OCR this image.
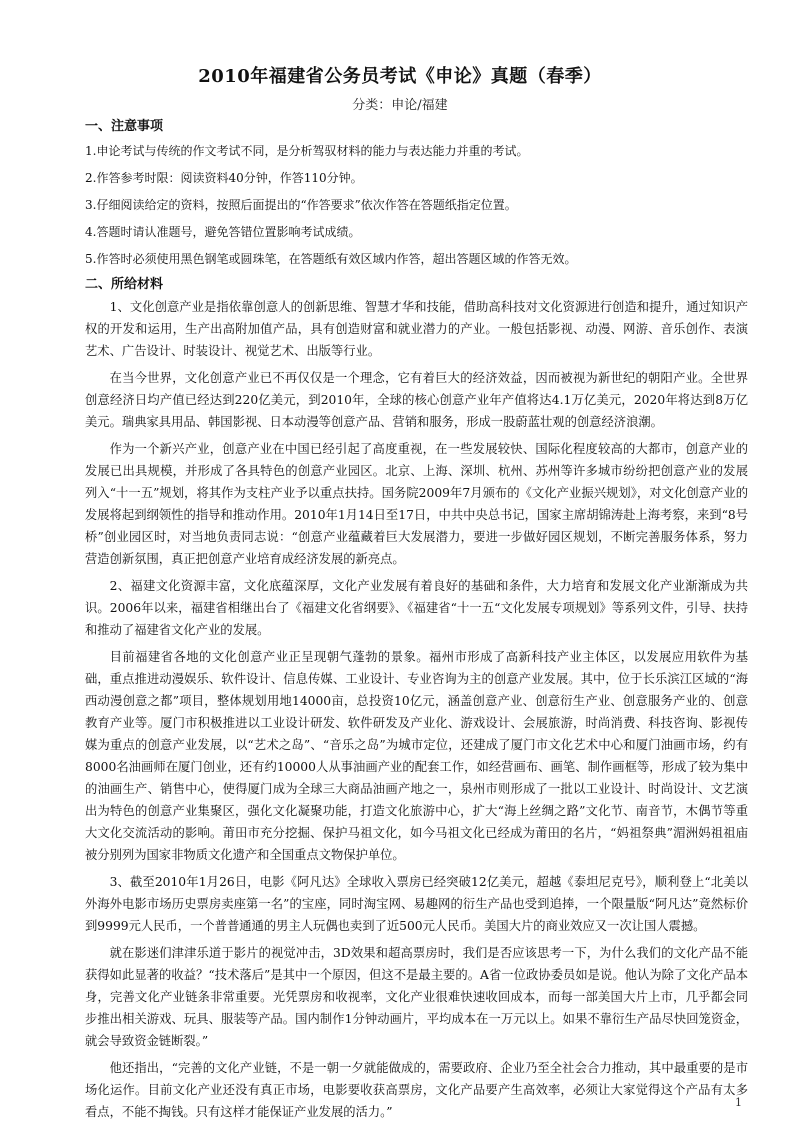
2010年福建省公务员考试《申论》真题（春季）
分类：申论/福建

一、注意事项

1.申论考试与传统的作文考试不同，是分析驾驭材料的能力与表达能力并重的考试。

2.作答参考时限：阅读资料40分钟，作答110分钟。

3.仔细阅读给定的资料，按照后面提出的“作答要求”依次作答在答题纸指定位置。

4.答题时请认准题号，避免答错位置影响考试成绩。

5.作答时必须使用黑色钢笔或圆珠笔，在答题纸有效区域内作答，超出答题区域的作答无效。

二、所给材料

1、文化创意产业是指依靠创意人的创新思维、智慧才华和技能，借助高科技对文化资源进行创造和提升，通过知识产权的开发和运用，生产出高附加值产品，具有创造财富和就业潜力的产业。一般包括影视、动漫、网游、音乐创作、表演艺术、广告设计、时装设计、视觉艺术、出版等行业。

在当今世界，文化创意产业已不再仅仅是一个理念，它有着巨大的经济效益，因而被视为新世纪的朝阳产业。全世界创意经济日均产值已经达到220亿美元，到2010年，全球的核心创意产业年产值将达4.1万亿美元，2020年将达到8万亿美元。瑞典家具用品、韩国影视、日本动漫等创意产品、营销和服务，形成一股蔚蓝壮观的创意经济浪潮。

作为一个新兴产业，创意产业在中国已经引起了高度重视，在一些发展较快、国际化程度较高的大都市，创意产业的发展已出具规模，并形成了各具特色的创意产业园区。北京、上海、深圳、杭州、苏州等许多城市纷纷把创意产业的发展列入“十一五”规划，将其作为支柱产业予以重点扶持。国务院2009年7月颁布的《文化产业振兴规划》，对文化创意产业的发展将起到纲领性的指导和推动作用。2010年1月14日至17日，中共中央总书记，国家主席胡锦涛赴上海考察，来到“8号桥”创业园区时，对当地负责同志说：“创意产业蕴藏着巨大发展潜力，要进一步做好园区规划，不断完善服务体系，努力营造创新氛围，真正把创意产业培育成经济发展的新亮点。

2、福建文化资源丰富，文化底蕴深厚，文化产业发展有着良好的基础和条件，大力培育和发展文化产业渐渐成为共识。2006年以来，福建省相继出台了《福建文化省纲要》、《福建省“十一五“文化发展专项规划》等系列文件，引导、扶持和推动了福建省文化产业的发展。

目前福建省各地的文化创意产业正呈现朝气蓬勃的景象。福州市形成了高新科技产业主体区，以发展应用软件为基础，重点推进动漫娱乐、软件设计、信息传媒、工业设计、专业咨询为主的创意产业发展。其中，位于长乐滨江区域的“海西动漫创意之都”项目，整体规划用地14000亩，总投资10亿元，涵盖创意产业、创意衍生产业、创意服务产业的、创意教育产业等。厦门市积极推进以工业设计研发、软件研发及产业化、游戏设计、会展旅游，时尚消费、科技咨询、影视传媒为重点的创意产业发展，以“艺术之岛”、“音乐之岛”为城市定位，还建成了厦门市文化艺术中心和厦门油画市场，约有8000名油画师在厦门创业，还有约10000人从事油画产业的配套工作，如经营画布、画笔、制作画框等，形成了较为集中的油画生产、销售中心，使得厦门成为全球三大商品油画产地之一，泉州市则形成了一批以工业设计、时尚设计、文艺演出为特色的创意产业集聚区，强化文化凝聚功能，打造文化旅游中心，扩大“海上丝绸之路”文化节、南音节，木偶节等重大文化交流活动的影响。莆田市充分挖掘、保护马祖文化，如今马祖文化已经成为莆田的名片，“妈祖祭典”湄洲妈祖祖庙被分别列为国家非物质文化遗产和全国重点文物保护单位。

3、截至2010年1月26日，电影《阿凡达》全球收入票房已经突破12亿美元，超越《泰坦尼克号》，顺利登上“北美以外海外电影市场历史票房卖座第一名”的宝座，同时淘宝网、易趣网的衍生产品也受到追捧，一个限量版“阿凡达”竟然标价到9999元人民币，一个普普通通的男主人玩偶也卖到了近500元人民币。美国大片的商业效应又一次让国人震撼。

就在影迷们津津乐道于影片的视觉冲击，3D效果和超高票房时，我们是否应该思考一下，为什么我们的文化产品不能获得如此显著的收益？“技术落后”是其中一个原因，但这不是最主要的。A省一位政协委员如是说。他认为除了文化产品本身，完善文化产业链条非常重要。光凭票房和收视率，文化产业很难快速收回成本，而每一部美国大片上市，几乎都会同步推出相关游戏、玩具、服装等产品。国内制作1分钟动画片，平均成本在一万元以上。如果不靠衍生产品尽快回笼资金，就会导致资金链断裂。”

他还指出，“完善的文化产业链，不是一朝一夕就能做成的，需要政府、企业乃至全社会合力推动，其中最重要的是市场化运作。目前文化产业还没有真正市场，电影要收获高票房，文化产品要产生高效率，必须让大家觉得这个产品有太多看点，不能不掏钱。只有这样才能保证产业发展的活力。”

1
